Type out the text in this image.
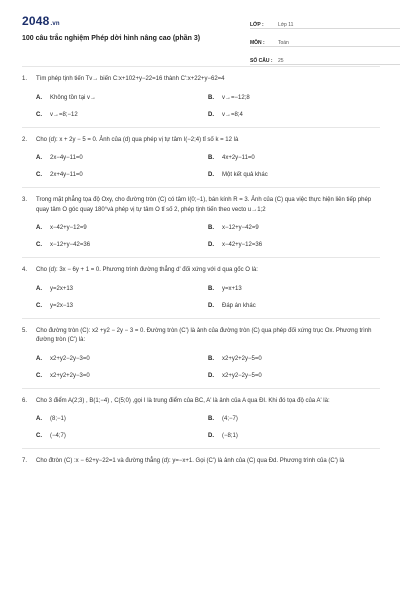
2048.vn
100 câu trắc nghiệm Phép dời hình nâng cao (phần 3)
LỚP :	Lớp 11
MÔN :	Toán
SỐ CÂU :	25
1.	Tìm phép tịnh tiến Tv→ biến C:x+102+y−22=16 thành C':x+22+y−62=4
A.	Không tồn tại v→	B.	v→=−12;8
C.	v→=8;−12	D.	v→=8;4
2.	Cho (d): x + 2y − 5 = 0. Ảnh của (d) qua phép vị tự tâm I(−2;4) tỉ số k = 12 là
A.	2x−4y−11=0	B.	4x+2y−11=0
C.	2x+4y−11=0	D.	Một kết quả khác
3.	Trong mặt phẳng tọa độ Oxy, cho đường tròn (C) có tâm I(0;−1), bán kính R = 3. Ảnh của (C) qua việc thực hiện liên tiếp phép quay tâm O góc quay 180°và phép vị tự tâm O tỉ số 2, phép tịnh tiến theo vecto u→1;2
A.	x−42+y−12=9	B.	x−12+y−42=9
C.	x−12+y−42=36	D.	x−42+y−12=36
4.	Cho (d): 3x − 6y + 1 = 0. Phương trình đường thẳng d' đối xứng với d qua gốc O là:
A.	y=2x+13	B.	y=x+13
C.	y=2x−13	D.	Đáp án khác
5.	Cho đường tròn (C): x2 +y2 − 2y − 3 = 0. Đường tròn (C') là ảnh của đường tròn (C) qua phép đối xứng trục Ox. Phương trình đường tròn (C') là:
A.	x2+y2−2y−3=0	B.	x2+y2+2y−5=0
C.	x2+y2+2y−3=0	D.	x2+y2−2y−5=0
6.	Cho 3 điểm A(2;3) , B(1;−4) , C(5;0) ,gọi I là trung điểm của BC, A' là ảnh của A qua ĐI. Khi đó tọa độ của A' là:
A.	(8;−1)	B.	(4;−7)
C.	(−4;7)	D.	(−8;1)
7.	Cho đtròn (C) :x − 62+y−22=1 và đường thẳng (d): y=−x+1. Gọi (C') là ảnh của (C) qua Đd. Phương trình của (C') là
